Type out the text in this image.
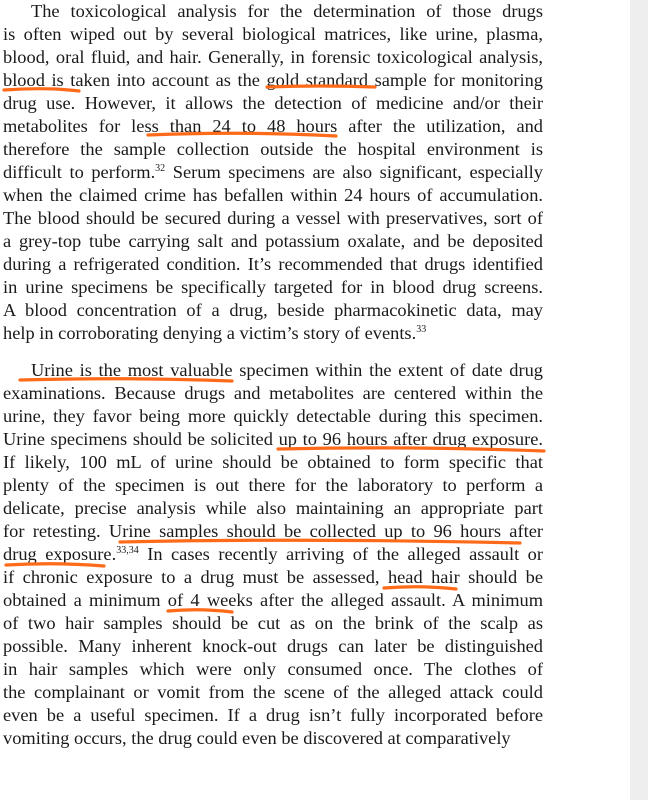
The toxicological analysis for the determination of those drugs
is often wiped out by several biological matrices, like urine, plasma,
blood, oral fluid, and hair. Generally, in forensic toxicological analysis,
blood is taken into account as the gold standard sample for monitoring
drug use. However, it allows the detection of medicine and/or their
metabolites for less than 24 to 48 hours after the utilization, and
therefore the sample collection outside the hospital environment is
difficult to perform.$^{32}$ Serum specimens are also significant, especially
when the claimed crime has befallen within 24 hours of accumulation.
The blood should be secured during a vessel with preservatives, sort of
a grey-top tube carrying salt and potassium oxalate, and be deposited
during a refrigerated condition. It’s recommended that drugs identified
in urine specimens be specifically targeted for in blood drug screens.
A blood concentration of a drug, beside pharmacokinetic data, may
help in corroborating denying a victim’s story of events.$^{33}$
Urine is the most valuable specimen within the extent of date drug
examinations. Because drugs and metabolites are centered within the
urine, they favor being more quickly detectable during this specimen.
Urine specimens should be solicited up to 96 hours after drug exposure.
If likely, 100 mL of urine should be obtained to form specific that
plenty of the specimen is out there for the laboratory to perform a
delicate, precise analysis while also maintaining an appropriate part
for retesting. Urine samples should be collected up to 96 hours after
drug exposure.$^{33,34}$ In cases recently arriving of the alleged assault or
if chronic exposure to a drug must be assessed, head hair should be
obtained a minimum of 4 weeks after the alleged assault. A minimum
of two hair samples should be cut as on the brink of the scalp as
possible. Many inherent knock-out drugs can later be distinguished
in hair samples which were only consumed once. The clothes of
the complainant or vomit from the scene of the alleged attack could
even be a useful specimen. If a drug isn’t fully incorporated before
vomiting occurs, the drug could even be discovered at comparatively
